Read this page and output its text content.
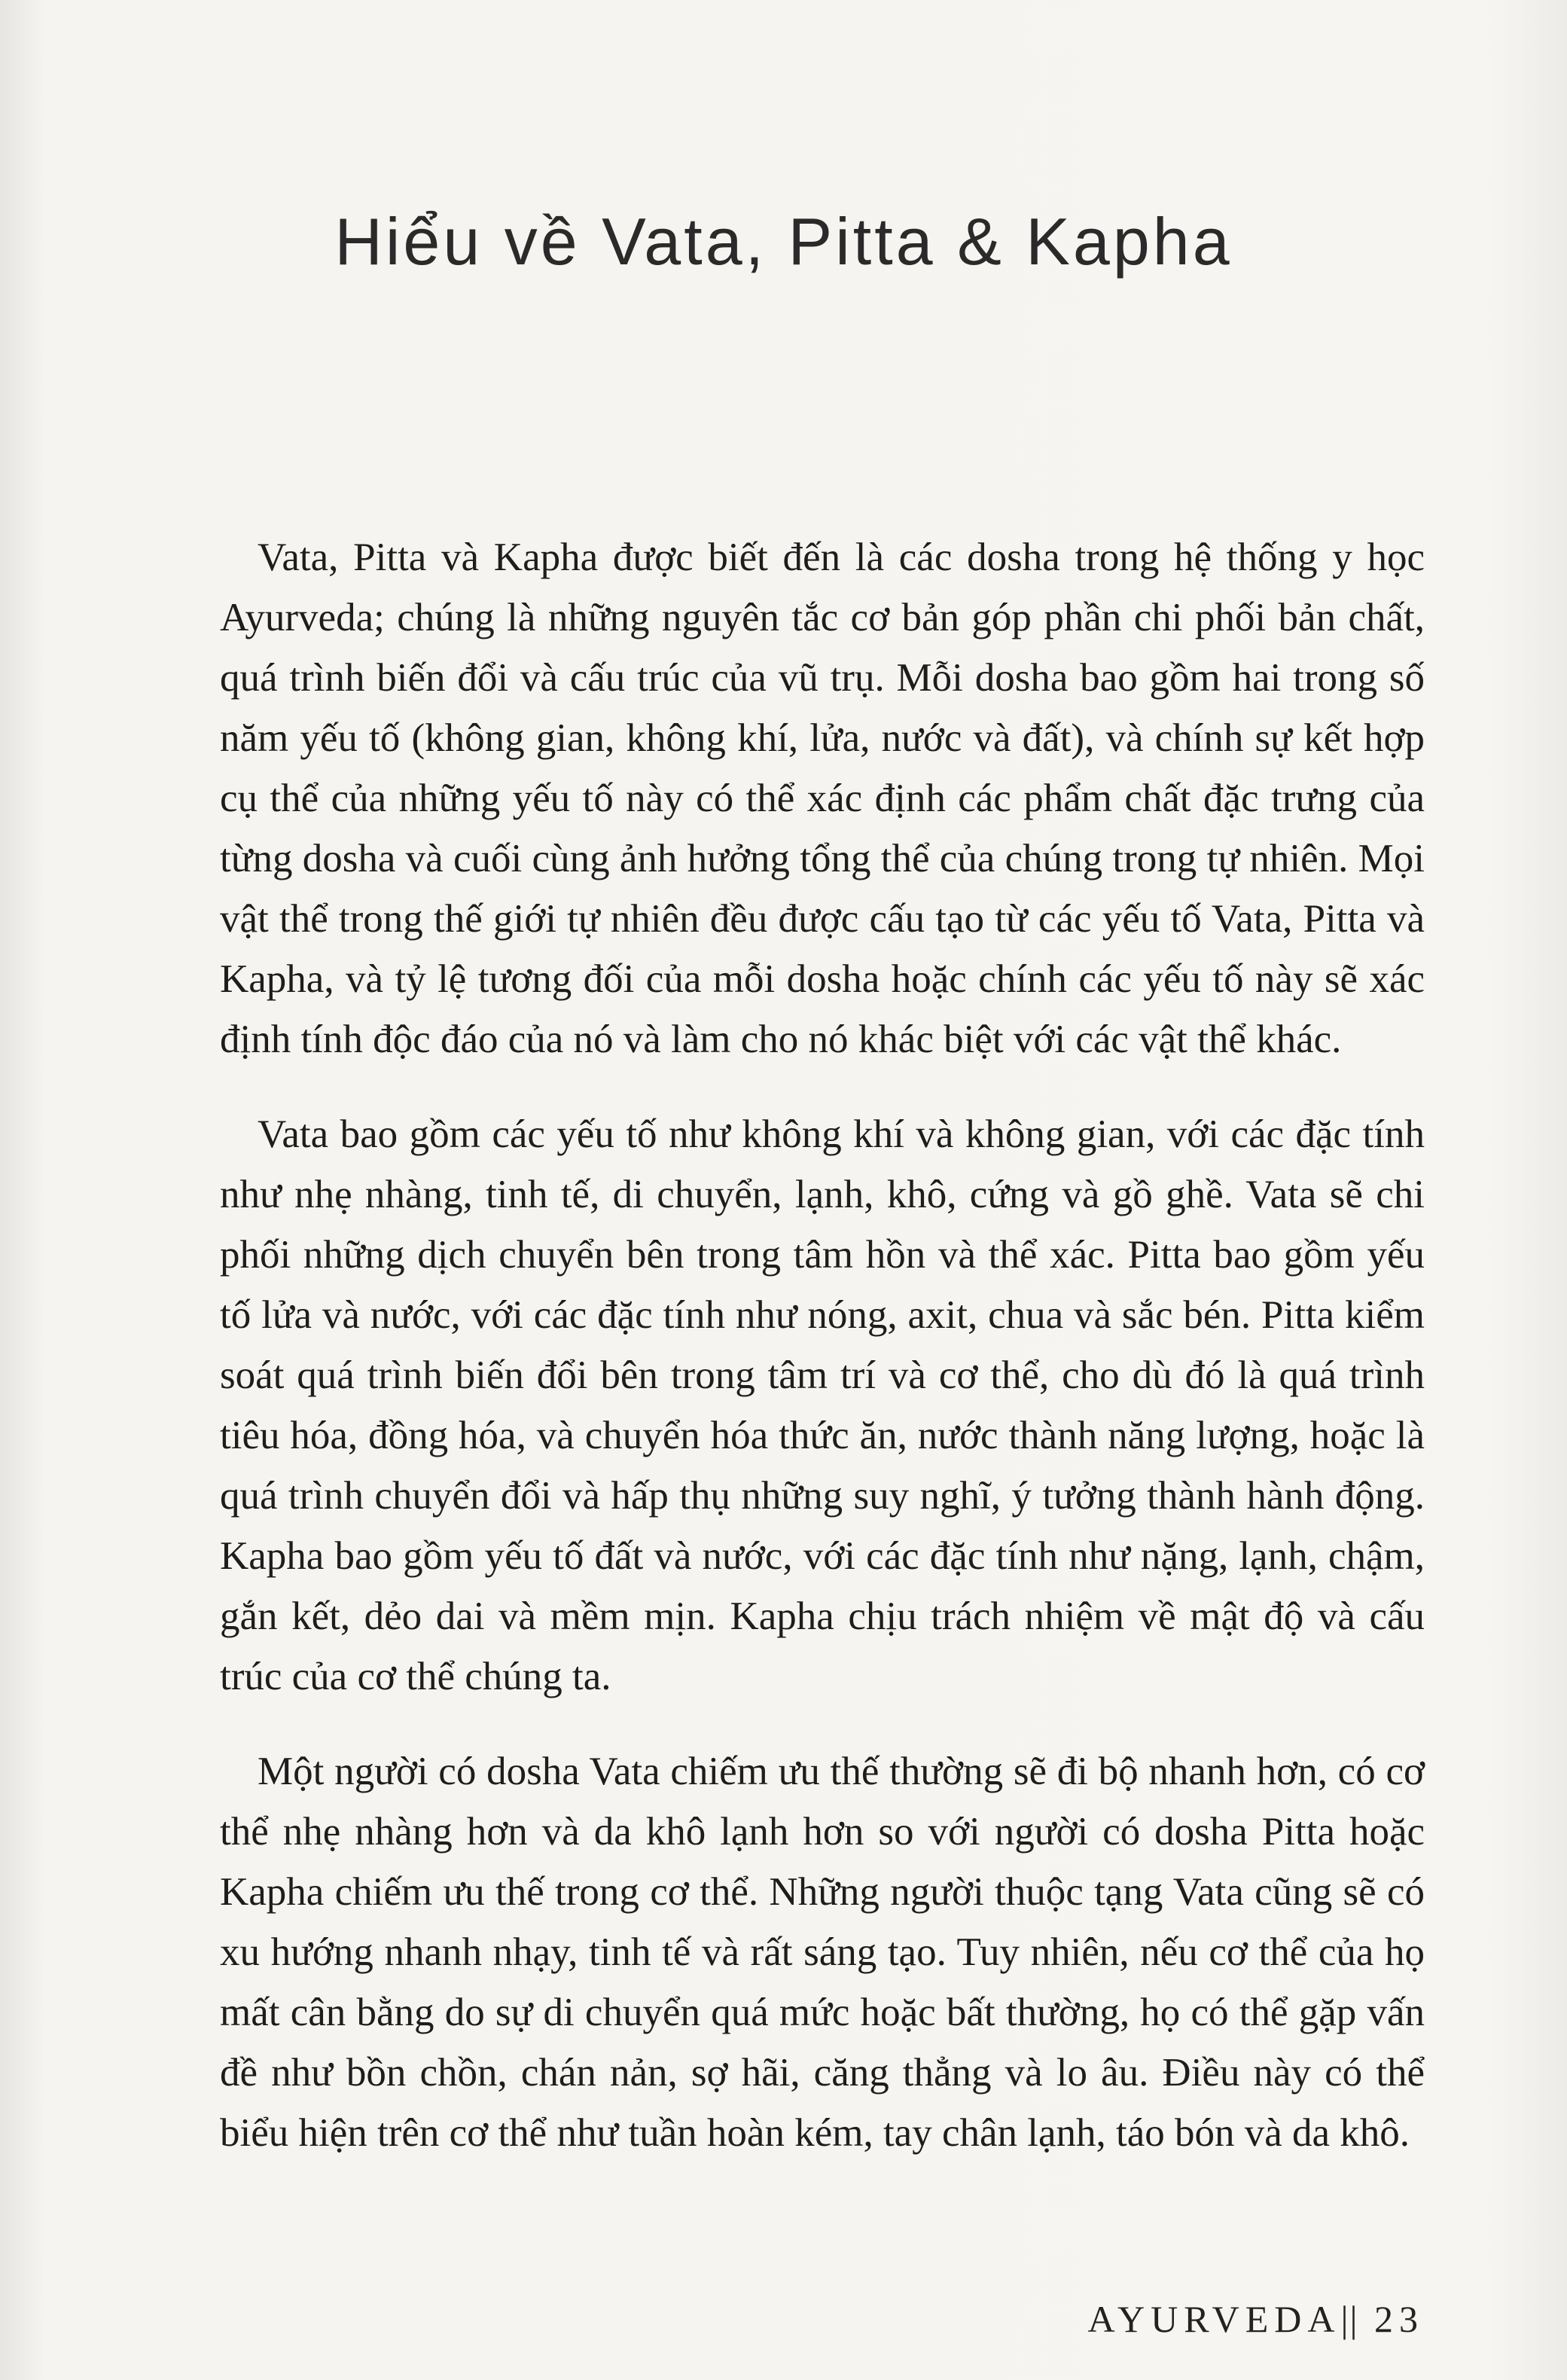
Hiểu về Vata, Pitta & Kapha

Vata, Pitta và Kapha được biết đến là các dosha trong hệ thống y học Ayurveda; chúng là những nguyên tắc cơ bản góp phần chi phối bản chất, quá trình biến đổi và cấu trúc của vũ trụ. Mỗi dosha bao gồm hai trong số năm yếu tố (không gian, không khí, lửa, nước và đất), và chính sự kết hợp cụ thể của những yếu tố này có thể xác định các phẩm chất đặc trưng của từng dosha và cuối cùng ảnh hưởng tổng thể của chúng trong tự nhiên. Mọi vật thể trong thế giới tự nhiên đều được cấu tạo từ các yếu tố Vata, Pitta và Kapha, và tỷ lệ tương đối của mỗi dosha hoặc chính các yếu tố này sẽ xác định tính độc đáo của nó và làm cho nó khác biệt với các vật thể khác.

Vata bao gồm các yếu tố như không khí và không gian, với các đặc tính như nhẹ nhàng, tinh tế, di chuyển, lạnh, khô, cứng và gồ ghề. Vata sẽ chi phối những dịch chuyển bên trong tâm hồn và thể xác. Pitta bao gồm yếu tố lửa và nước, với các đặc tính như nóng, axit, chua và sắc bén. Pitta kiểm soát quá trình biến đổi bên trong tâm trí và cơ thể, cho dù đó là quá trình tiêu hóa, đồng hóa, và chuyển hóa thức ăn, nước thành năng lượng, hoặc là quá trình chuyển đổi và hấp thụ những suy nghĩ, ý tưởng thành hành động. Kapha bao gồm yếu tố đất và nước, với các đặc tính như nặng, lạnh, chậm, gắn kết, dẻo dai và mềm mịn. Kapha chịu trách nhiệm về mật độ và cấu trúc của cơ thể chúng ta.

Một người có dosha Vata chiếm ưu thế thường sẽ đi bộ nhanh hơn, có cơ thể nhẹ nhàng hơn và da khô lạnh hơn so với người có dosha Pitta hoặc Kapha chiếm ưu thế trong cơ thể. Những người thuộc tạng Vata cũng sẽ có xu hướng nhanh nhạy, tinh tế và rất sáng tạo. Tuy nhiên, nếu cơ thể của họ mất cân bằng do sự di chuyển quá mức hoặc bất thường, họ có thể gặp vấn đề như bồn chồn, chán nản, sợ hãi, căng thẳng và lo âu. Điều này có thể biểu hiện trên cơ thể như tuần hoàn kém, tay chân lạnh, táo bón và da khô.

AYURVEDA|| 23
